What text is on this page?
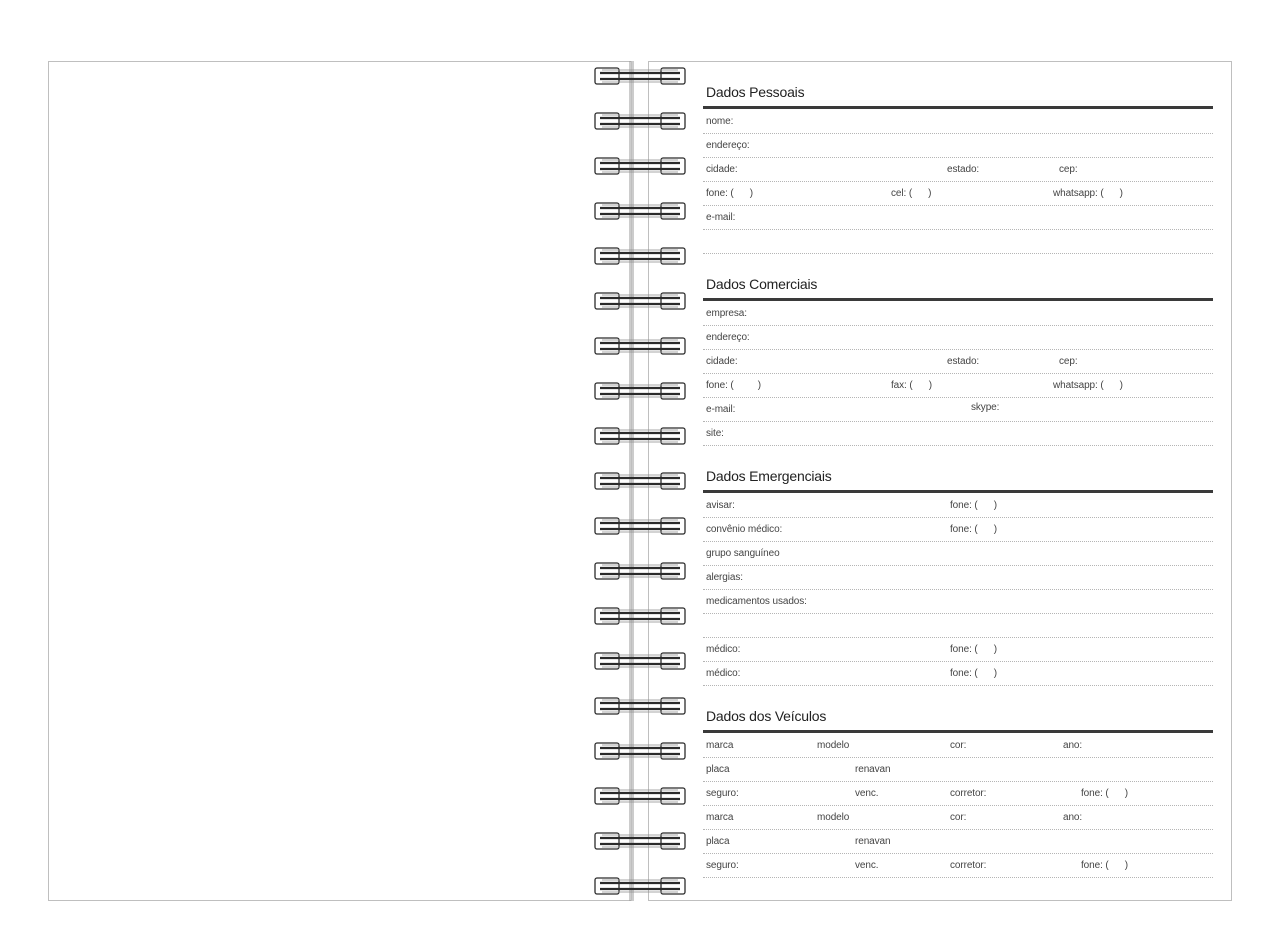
Dados Pessoais
nome:
endereço:
cidade:	estado:	cep:
fone: (      )	cel: (      )	whatsapp: (      )
e-mail:
Dados Comerciais
empresa:
endereço:
cidade:	estado:	cep:
fone: (         )	fax: (      )	whatsapp: (      )
e-mail:	skype:
site:
Dados Emergenciais
avisar:	fone: (      )
convênio médico:	fone: (      )
grupo sanguíneo
alergias:
medicamentos usados:
médico:	fone: (      )
médico:	fone: (      )
Dados dos Veículos
marca	modelo	cor:	ano:
placa	renavan
seguro:	venc.	corretor:	fone: (      )
marca	modelo	cor:	ano:
placa	renavan
seguro:	venc.	corretor:	fone: (      )
